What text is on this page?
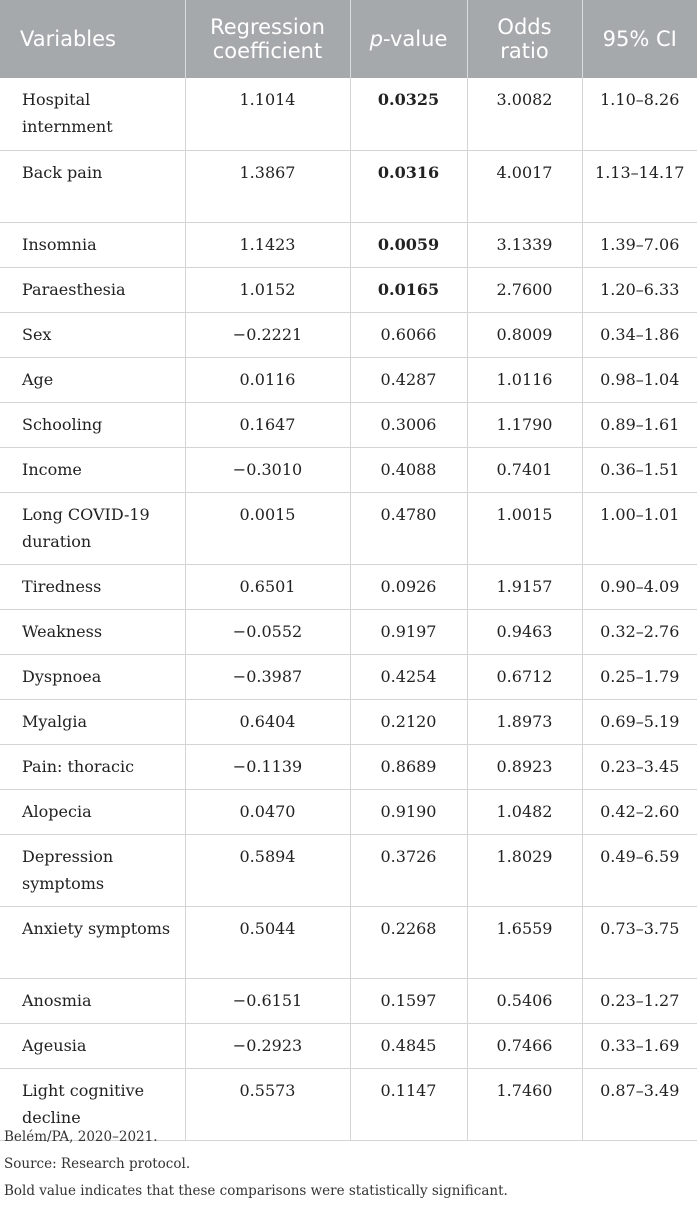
Variables	Regression coefficient	p-value	Odds ratio	95% CI
Hospital internment	1.1014	0.0325	3.0082	1.10–8.26
Back pain	1.3867	0.0316	4.0017	1.13–14.17
Insomnia	1.1423	0.0059	3.1339	1.39–7.06
Paraesthesia	1.0152	0.0165	2.7600	1.20–6.33
Sex	−0.2221	0.6066	0.8009	0.34–1.86
Age	0.0116	0.4287	1.0116	0.98–1.04
Schooling	0.1647	0.3006	1.1790	0.89–1.61
Income	−0.3010	0.4088	0.7401	0.36–1.51
Long COVID-19 duration	0.0015	0.4780	1.0015	1.00–1.01
Tiredness	0.6501	0.0926	1.9157	0.90–4.09
Weakness	−0.0552	0.9197	0.9463	0.32–2.76
Dyspnoea	−0.3987	0.4254	0.6712	0.25–1.79
Myalgia	0.6404	0.2120	1.8973	0.69–5.19
Pain: thoracic	−0.1139	0.8689	0.8923	0.23–3.45
Alopecia	0.0470	0.9190	1.0482	0.42–2.60
Depression symptoms	0.5894	0.3726	1.8029	0.49–6.59
Anxiety symptoms	0.5044	0.2268	1.6559	0.73–3.75
Anosmia	−0.6151	0.1597	0.5406	0.23–1.27
Ageusia	−0.2923	0.4845	0.7466	0.33–1.69
Light cognitive decline	0.5573	0.1147	1.7460	0.87–3.49

Belém/PA, 2020–2021.

Source: Research protocol.

Bold value indicates that these comparisons were statistically significant.
